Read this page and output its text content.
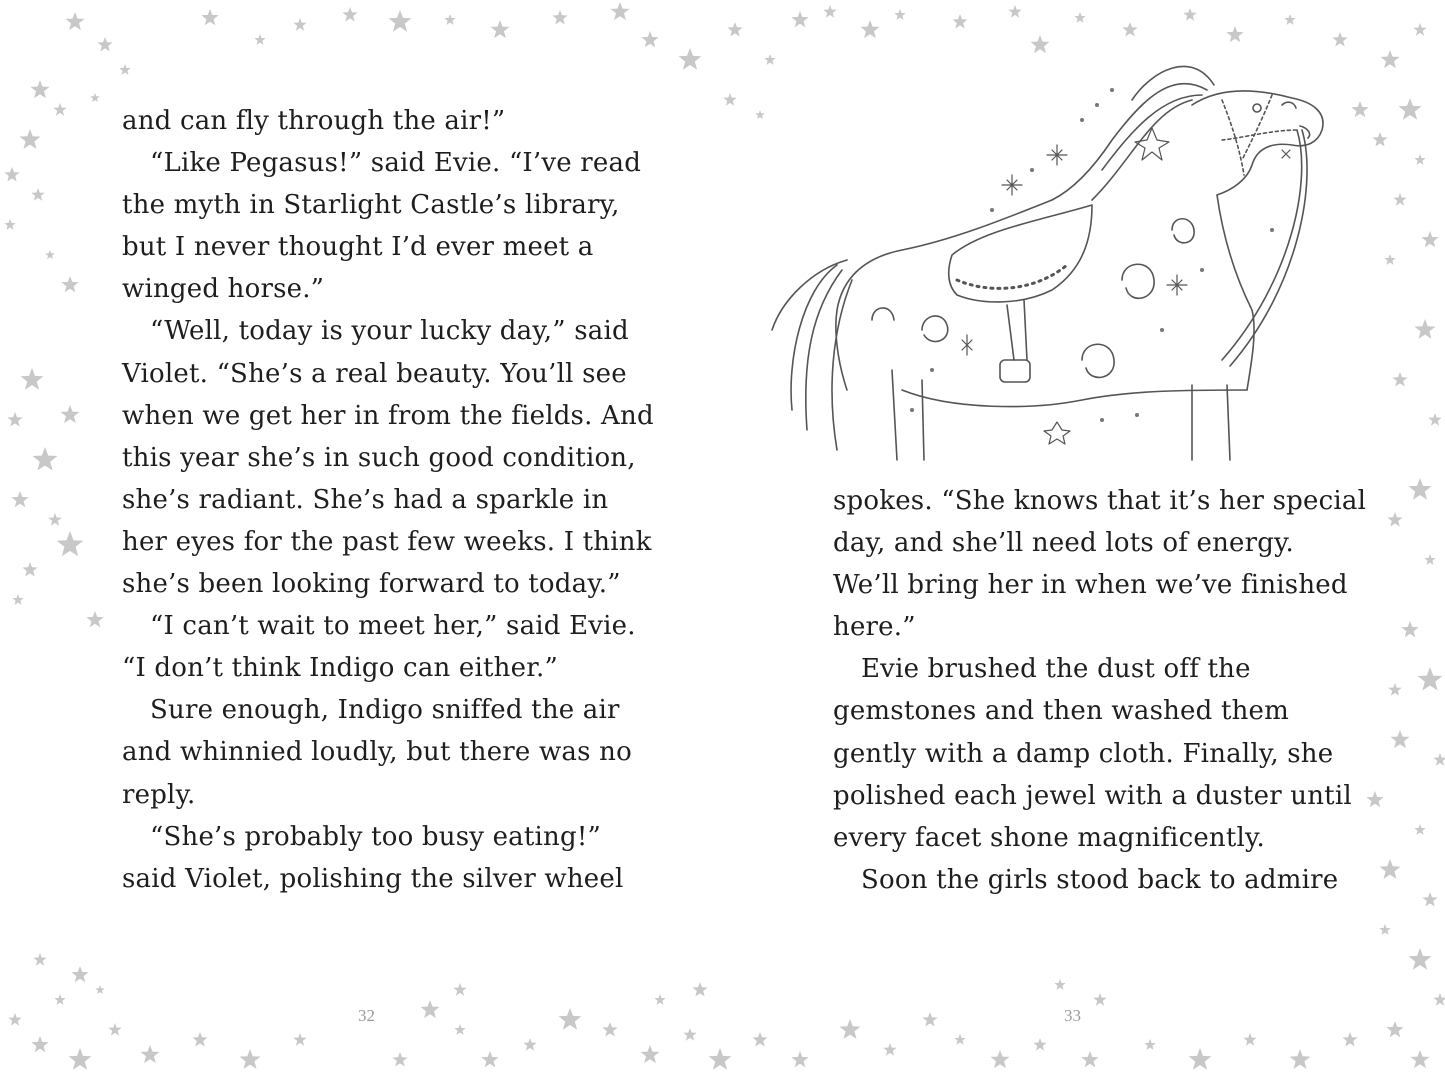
and can fly through the air!”
“Like Pegasus!” said Evie. “I’ve read
the myth in Starlight Castle’s library,
but I never thought I’d ever meet a
winged horse.”
“Well, today is your lucky day,” said
Violet. “She’s a real beauty. You’ll see
when we get her in from the fields. And
this year she’s in such good condition,
she’s radiant. She’s had a sparkle in
her eyes for the past few weeks. I think
she’s been looking forward to today.”
“I can’t wait to meet her,” said Evie.
“I don’t think Indigo can either.”
Sure enough, Indigo sniffed the air
and whinnied loudly, but there was no
reply.
“She’s probably too busy eating!”
said Violet, polishing the silver wheel
32
spokes. “She knows that it’s her special
day, and she’ll need lots of energy.
We’ll bring her in when we’ve finished
here.”
Evie brushed the dust off the
gemstones and then washed them
gently with a damp cloth. Finally, she
polished each jewel with a duster until
every facet shone magnificently.
Soon the girls stood back to admire
33
